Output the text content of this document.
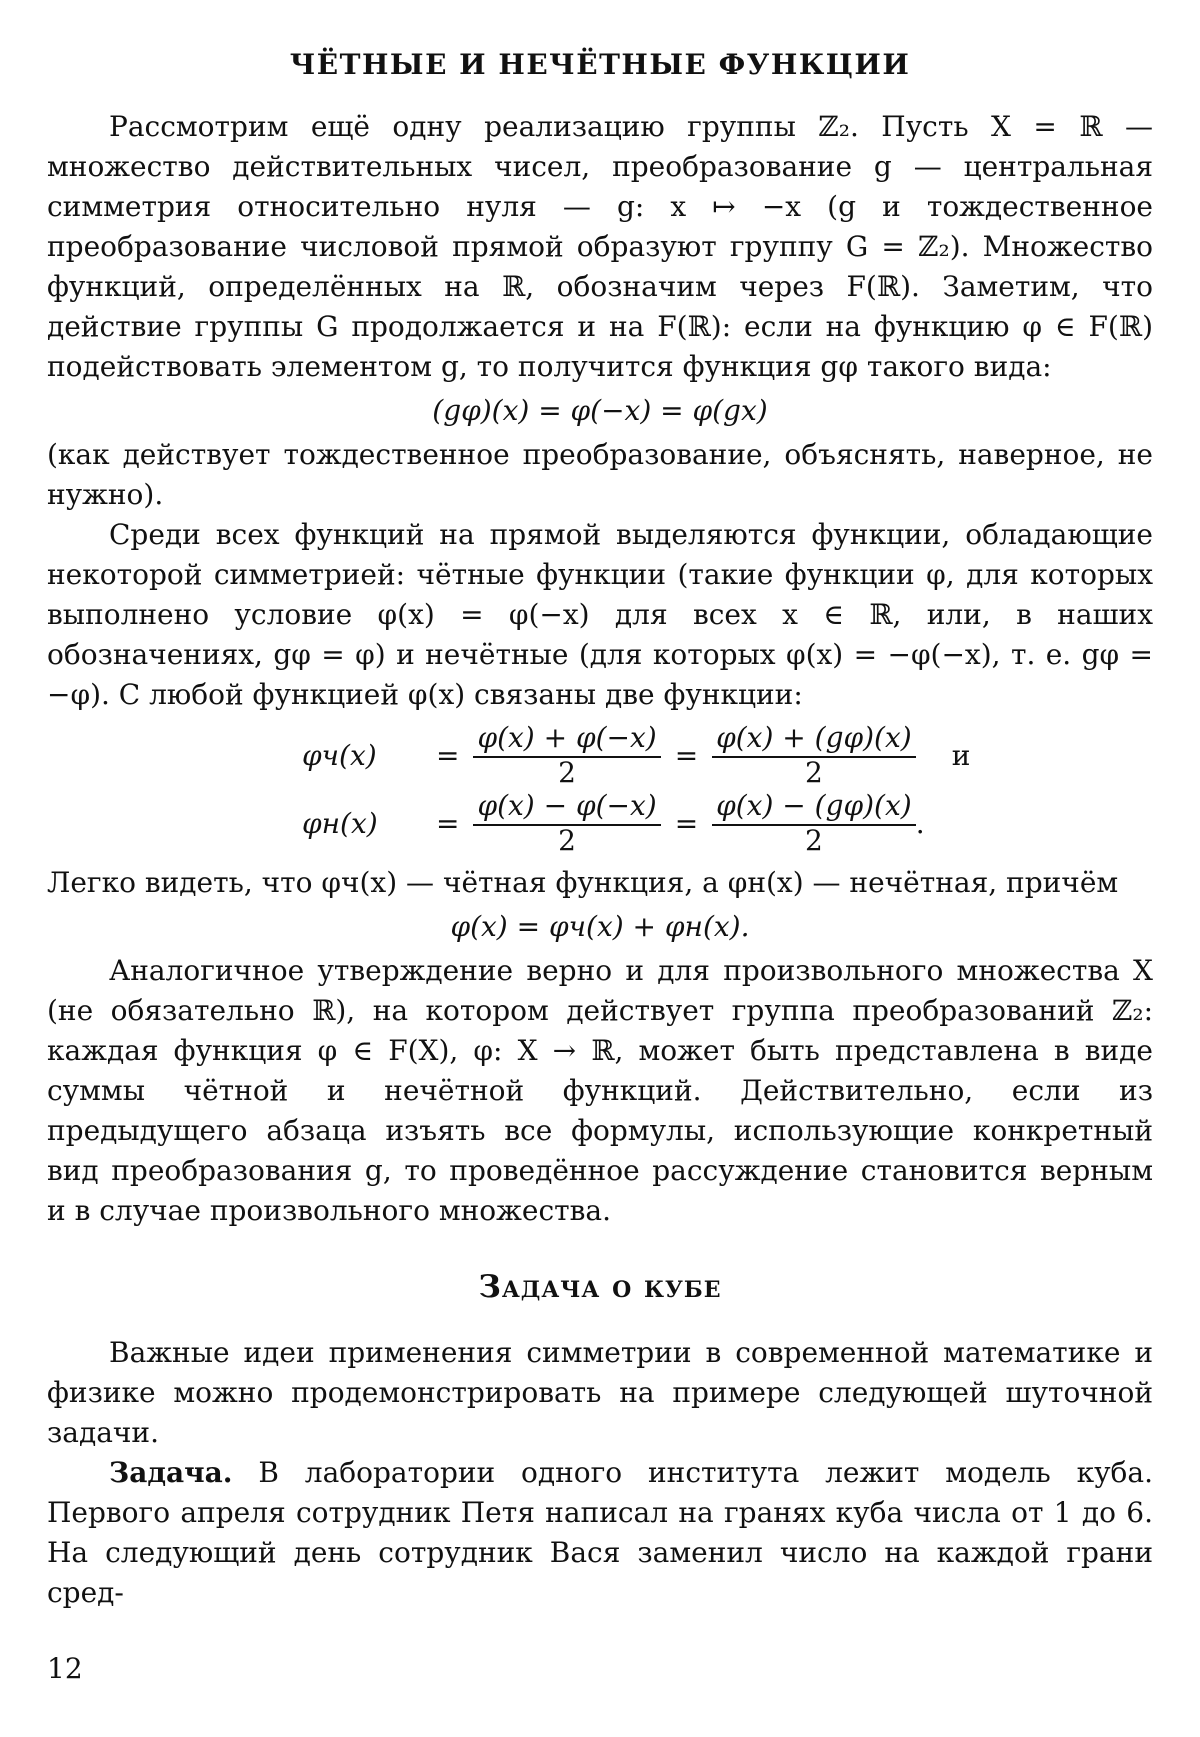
ЧЁТНЫЕ И НЕЧЁТНЫЕ ФУНКЦИИ

Рассмотрим ещё одну реализацию группы ℤ₂. Пусть X = ℝ — множество действительных чисел, преобразование g — центральная симметрия относительно нуля — g: x ↦ −x (g и тождественное преобразование числовой прямой образуют группу G = ℤ₂). Множество функций, определённых на ℝ, обозначим через F(ℝ). Заметим, что действие группы G продолжается и на F(ℝ): если на функцию φ ∈ F(ℝ) подействовать элементом g, то получится функция gφ такого вида:

(gφ)(x) = φ(−x) = φ(gx)

(как действует тождественное преобразование, объяснять, наверное, не нужно).

Среди всех функций на прямой выделяются функции, обладающие некоторой симметрией: чётные функции (такие функции φ, для которых выполнено условие φ(x) = φ(−x) для всех x ∈ ℝ, или, в наших обозначениях, gφ = φ) и нечётные (для которых φ(x) = −φ(−x), т. е. gφ = −φ). С любой функцией φ(x) связаны две функции:

φч(x)	= $\frac{\varphi(x) + \varphi(-x)}{2} = \frac{\varphi(x) + (g\varphi)(x)}{2}$	и
φн(x)	= $\frac{\varphi(x) - \varphi(-x)}{2} = \frac{\varphi(x) - (g\varphi)(x)}{2}$ .

Легко видеть, что φч(x) — чётная функция, а φн(x) — нечётная, причём

φ(x) = φч(x) + φн(x).

Аналогичное утверждение верно и для произвольного множества X (не обязательно ℝ), на котором действует группа преобразований ℤ₂: каждая функция φ ∈ F(X), φ: X → ℝ, может быть представлена в виде суммы чётной и нечётной функций. Действительно, если из предыдущего абзаца изъять все формулы, использующие конкретный вид преобразования g, то проведённое рассуждение становится верным и в случае произвольного множества.

Задача о кубе

Важные идеи применения симметрии в современной математике и физике можно продемонстрировать на примере следующей шуточной задачи.

Задача. В лаборатории одного института лежит модель куба. Первого апреля сотрудник Петя написал на гранях куба числа от 1 до 6. На следующий день сотрудник Вася заменил число на каждой грани сред-

12
